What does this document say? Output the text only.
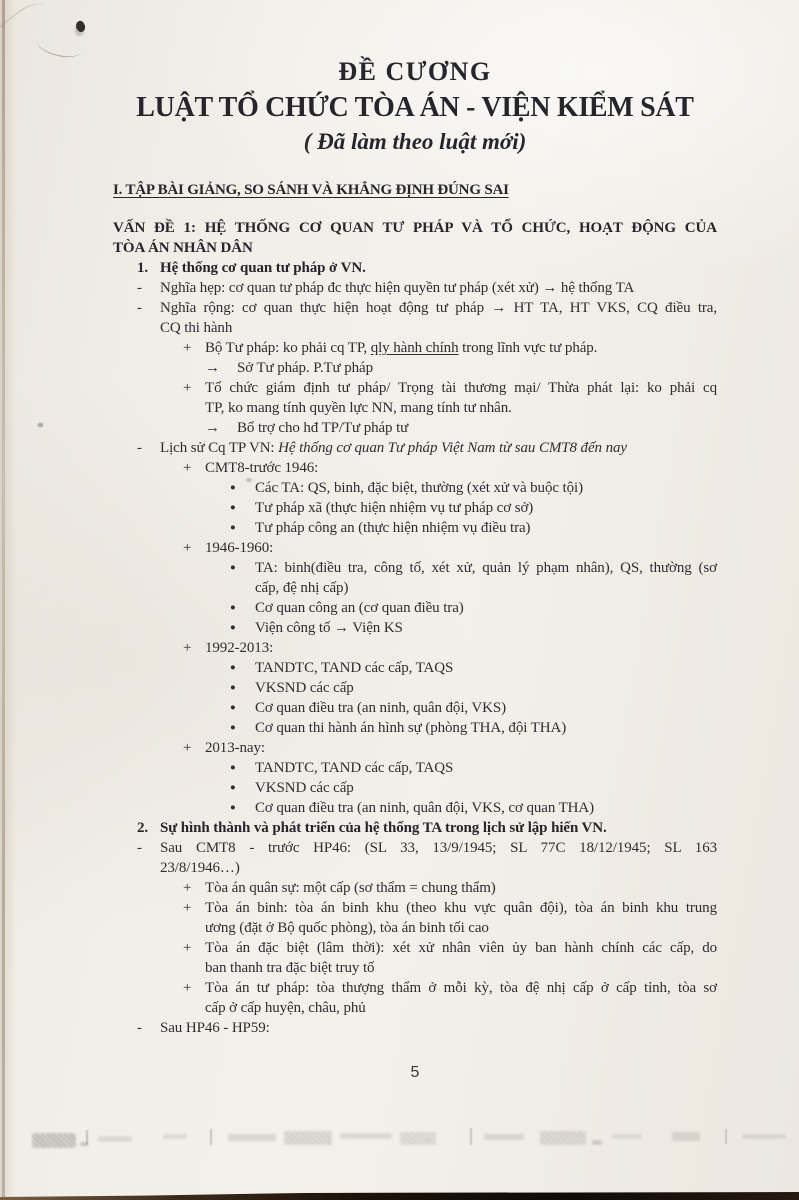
ĐỀ CƯƠNG
LUẬT TỔ CHỨC TÒA ÁN - VIỆN KIỂM SÁT
( Đã làm theo luật mới)
I. TẬP BÀI GIẢNG, SO SÁNH VÀ KHẲNG ĐỊNH ĐÚNG SAI
VẤN ĐỀ 1: HỆ THỐNG CƠ QUAN TƯ PHÁP VÀ TỔ CHỨC, HOẠT ĐỘNG CỦA
TÒA ÁN NHÂN DÂN
1. Hệ thống cơ quan tư pháp ở VN.
-	Nghĩa hẹp: cơ quan tư pháp đc thực hiện quyền tư pháp (xét xử) → hệ thống TA
-	Nghĩa rộng: cơ quan thực hiện hoạt động tư pháp → HT TA, HT VKS, CQ điều tra,
CQ thi hành
+ Bộ Tư pháp: ko phải cq TP, qly hành chính trong lĩnh vực tư pháp.
→	Sở Tư pháp. P.Tư pháp
+ Tổ chức giám định tư pháp/ Trọng tài thương mại/ Thừa phát lại: ko phải cq
TP, ko mang tính quyền lực NN, mang tính tư nhân.
→	Bổ trợ cho hđ TP/Tư pháp tư
-	Lịch sử Cq TP VN: Hệ thống cơ quan Tư pháp Việt Nam từ sau CMT8 đến nay
+ CMT8-trước 1946:
●	Các TA: QS, binh, đặc biệt, thường (xét xử và buộc tội)
●	Tư pháp xã (thực hiện nhiệm vụ tư pháp cơ sở)
●	Tư pháp công an (thực hiện nhiệm vụ điều tra)
+ 1946-1960:
●	TA: binh(điều tra, công tố, xét xử, quản lý phạm nhân), QS, thường (sơ
cấp, đệ nhị cấp)
●	Cơ quan công an (cơ quan điều tra)
●	Viện công tố → Viện KS
+ 1992-2013:
●	TANDTC, TAND các cấp, TAQS
●	VKSND các cấp
●	Cơ quan điều tra (an ninh, quân đội, VKS)
●	Cơ quan thi hành án hình sự (phòng THA, đội THA)
+ 2013-nay:
●	TANDTC, TAND các cấp, TAQS
●	VKSND các cấp
●	Cơ quan điều tra (an ninh, quân đội, VKS, cơ quan THA)
2. Sự hình thành và phát triển của hệ thống TA trong lịch sử lập hiến VN.
-	Sau CMT8 - trước HP46: (SL 33, 13/9/1945; SL 77C 18/12/1945; SL 163
23/8/1946…)
+ Tòa án quân sự: một cấp (sơ thẩm = chung thẩm)
+ Tòa án binh: tòa án binh khu (theo khu vực quân đội), tòa án binh khu trung
ương (đặt ở Bộ quốc phòng), tòa án binh tối cao
+ Tòa án đặc biệt (lâm thời): xét xử nhân viên ủy ban hành chính các cấp, do
ban thanh tra đặc biệt truy tố
+ Tòa án tư pháp: tòa thượng thẩm ở mỗi kỳ, tòa đệ nhị cấp ở cấp tỉnh, tòa sơ
cấp ở cấp huyện, châu, phủ
-	Sau HP46 - HP59:
5
